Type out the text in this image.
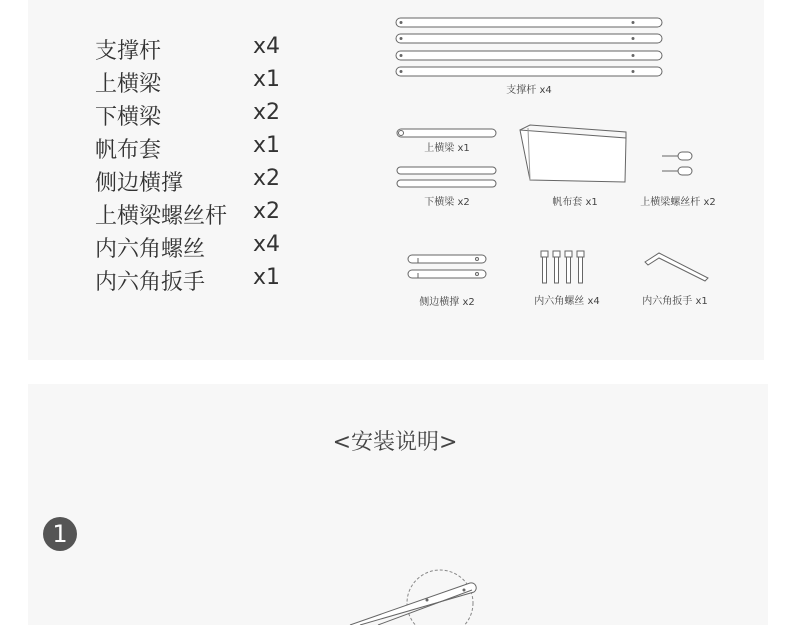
支撑杆	x4
上横梁	x1
下横梁	x2
帆布套	x1
侧边横撑	x2
上横梁螺丝杆 x2
内六角螺丝 x4
内六角扳手 x1
支撑杆 x4
上横梁 x1
下横梁 x2	帆布套 x1	上横梁螺丝杆 x2
侧边横撑 x2	内六角螺丝 x4	内六角扳手 x1
<安装说明>
1
